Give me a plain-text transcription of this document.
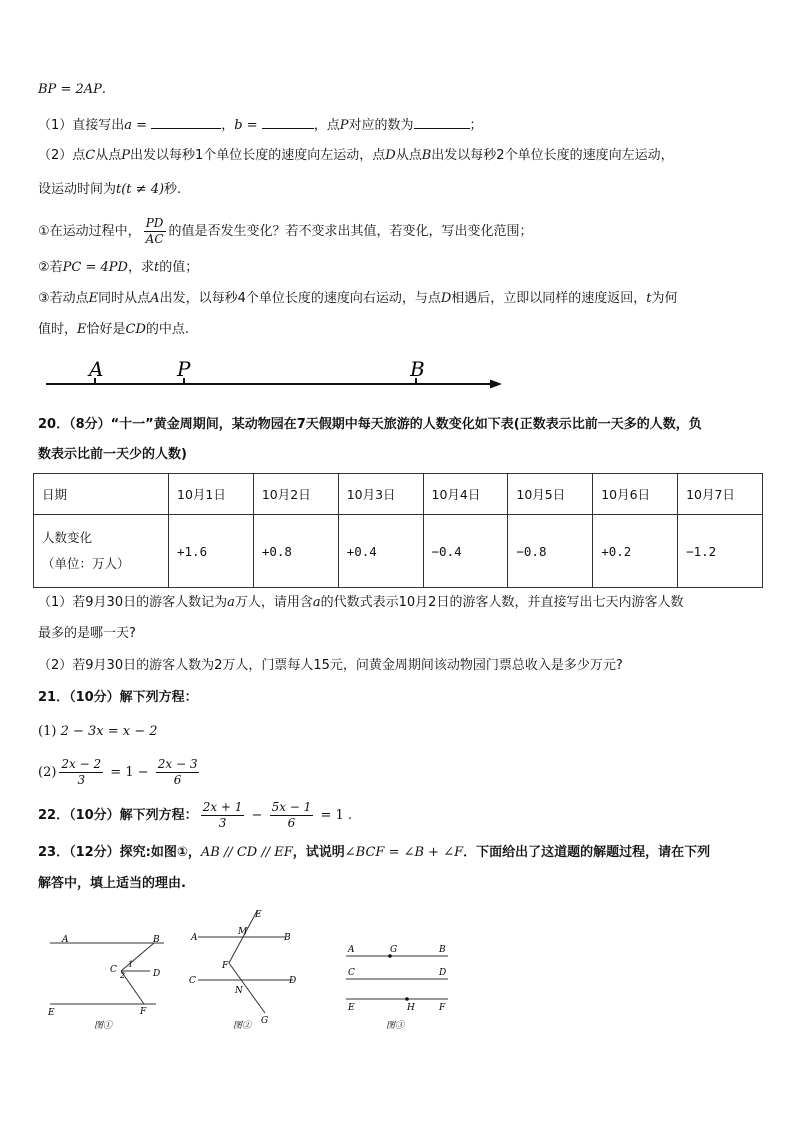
BP = 2AP.
（1）直接写出a =	，b =	，点P对应的数为	；
（2）点C从点P出发以每秒1个单位长度的速度向左运动，点D从点B出发以每秒2个单位长度的速度向左运动，
设运动时间为t(t ≠ 4)秒.
①在运动过程中， $\frac{PD}{AC}$ 的值是否发生变化？若不变求出其值，若变化，写出变化范围；
②若PC = 4PD，求t的值；
③若动点E同时从点A出发，以每秒4个单位长度的速度向右运动，与点D相遇后，立即以同样的速度返回，t为何
值时，E恰好是CD的中点.
A	P	B
20．（8分）“十一”黄金周期间，某动物园在7天假期中每天旅游的人数变化如下表(正数表示比前一天多的人数，负
数表示比前一天少的人数)
日期	10月1日	10月2日	10月3日	10月4日	10月5日	10月6日	10月7日

人数变化
（单位：万人）	+1.6	+0.8	+0.4	−0.4	−0.8	+0.2	−1.2
（1）若9月30日的游客人数记为a万人，请用含a的代数式表示10月2日的游客人数，并直接写出七天内游客人数
最多的是哪一天?
（2）若9月30日的游客人数为2万人，门票每人15元，问黄金周期间该动物园门票总收入是多少万元?
21．（10分）解下列方程：
(1) 2 − 3x = x − 2
$(2) \frac{2x - 2}{3} = 1 - \frac{2x - 3}{6}$
22．（10分）解下列方程： $\frac{2x + 1}{3} - \frac{5x - 1}{6} = 1$ .
23．（12分）探究:如图①，AB // CD // EF，试说明∠BCF = ∠B + ∠F．下面给出了这道题的解题过程，请在下列
解答中，填上适当的理由.
A	B
C	D
E	F
1
2
图①
A	B
C	D
E
M
F
N
G
图②
A	G	B
C	D
E	H	F
图③
